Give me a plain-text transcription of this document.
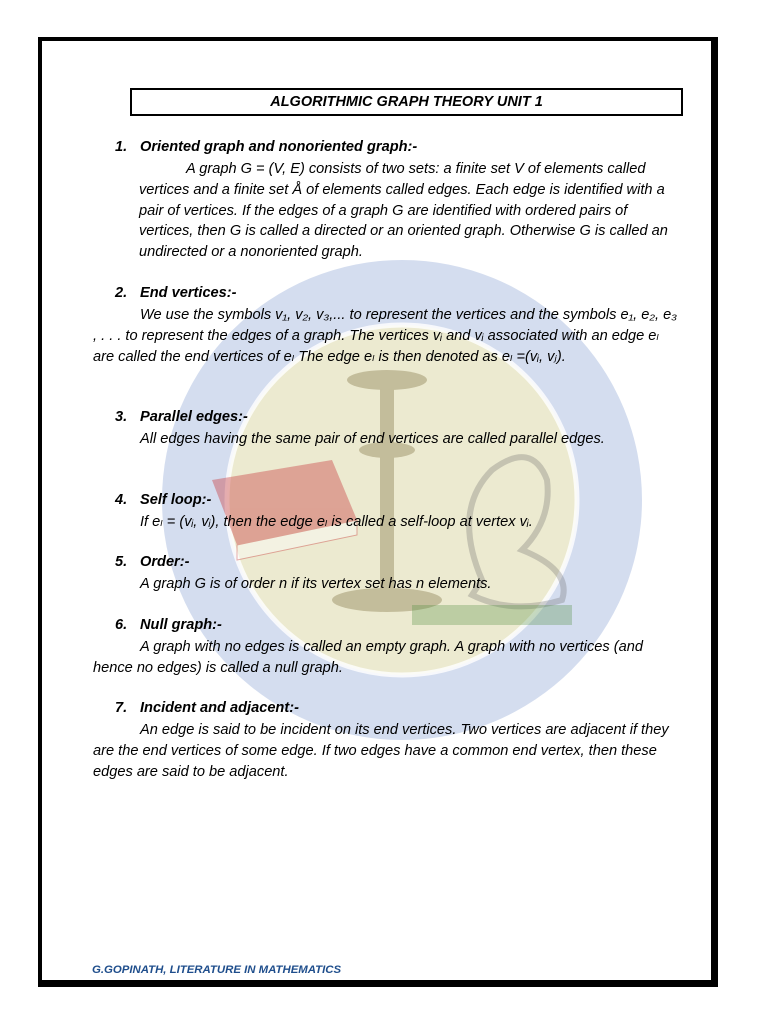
ALGORITHMIC GRAPH THEORY UNIT 1
1. Oriented graph and nonoriented graph:-
A graph G = (V, E) consists of two sets: a finite set V of elements called vertices and a finite set Å of elements called edges. Each edge is identified with a pair of vertices. If the edges of a graph G are identified with ordered pairs of vertices, then G is called a directed or an oriented graph. Otherwise G is called an undirected or a nonoriented graph.
2. End vertices:-
We use the symbols v₁, v₂, v₃,... to represent the vertices and the symbols e₁, e₂, e₃ , . . . to represent the edges of a graph. The vertices vᵢ and vᵢ associated with an edge eₗ are called the end vertices of eₗ The edge eₗ is then denoted as eₗ =(vᵢ, vⱼ).
3. Parallel edges:-
All edges having the same pair of end vertices are called parallel edges.
4. Self loop:-
If eₗ = (vᵢ, vᵢ), then the edge eₗ is called a self-loop at vertex vᵢ.
5. Order:-
A graph G is of order n if its vertex set has n elements.
6. Null graph:-
A graph with no edges is called an empty graph. A graph with no vertices (and hence no edges) is called a null graph.
7. Incident and adjacent:-
An edge is said to be incident on its end vertices. Two vertices are adjacent if they are the end vertices of some edge. If two edges have a common end vertex, then these edges are said to be adjacent.
G.GOPINATH, LITERATURE IN MATHEMATICS
